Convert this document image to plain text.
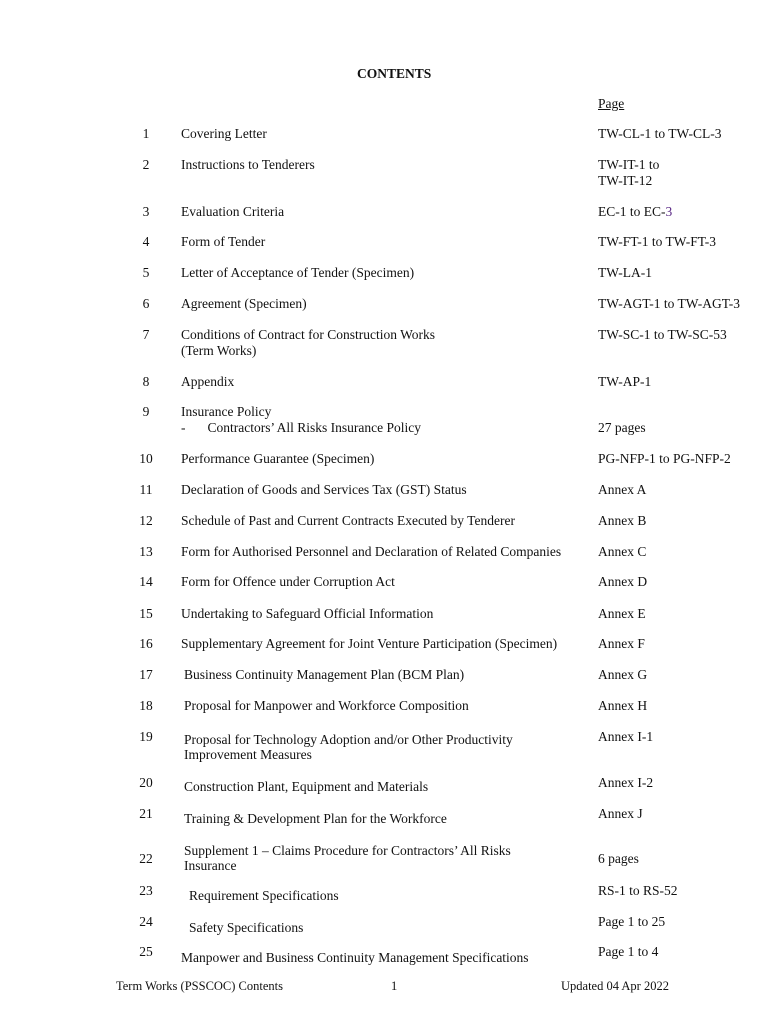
CONTENTS
Page
1	Covering Letter	TW-CL-1 to TW-CL-3
2	Instructions to Tenderers	TW-IT-1 to
TW-IT-12
3	Evaluation Criteria	EC-1 to EC-3
4	Form of Tender	TW-FT-1 to TW-FT-3
5	Letter of Acceptance of Tender (Specimen)	TW-LA-1
6	Agreement (Specimen)	TW-AGT-1 to TW-AGT-3
7	Conditions of Contract for Construction Works
(Term Works)
TW-SC-1 to TW-SC-53
8	Appendix	TW-AP-1
9	Insurance Policy
- Contractors’ All Risks Insurance Policy	27 pages
10	Performance Guarantee (Specimen)	PG-NFP-1 to PG-NFP-2
11	Declaration of Goods and Services Tax (GST) Status	Annex A
12	Schedule of Past and Current Contracts Executed by Tenderer	Annex B
13	Form for Authorised Personnel and Declaration of Related Companies	Annex C
14	Form for Offence under Corruption Act	Annex D
15	Undertaking to Safeguard Official Information	Annex E
16	Supplementary Agreement for Joint Venture Participation (Specimen)	Annex F
17	Business Continuity Management Plan (BCM Plan)	Annex G
18	Proposal for Manpower and Workforce Composition	Annex H
19	Proposal for Technology Adoption and/or Other Productivity
Improvement Measures
Annex I-1
20	Construction Plant, Equipment and Materials	Annex I-2
21	Training & Development Plan for the Workforce	Annex J
22
Supplement 1 – Claims Procedure for Contractors’ All Risks
Insurance	6 pages
23	Requirement Specifications	RS-1 to RS-52
24	Safety Specifications	Page 1 to 25
25	Manpower and Business Continuity Management Specifications	Page 1 to 4
Term Works (PSSCOC) Contents	1	Updated 04 Apr 2022
